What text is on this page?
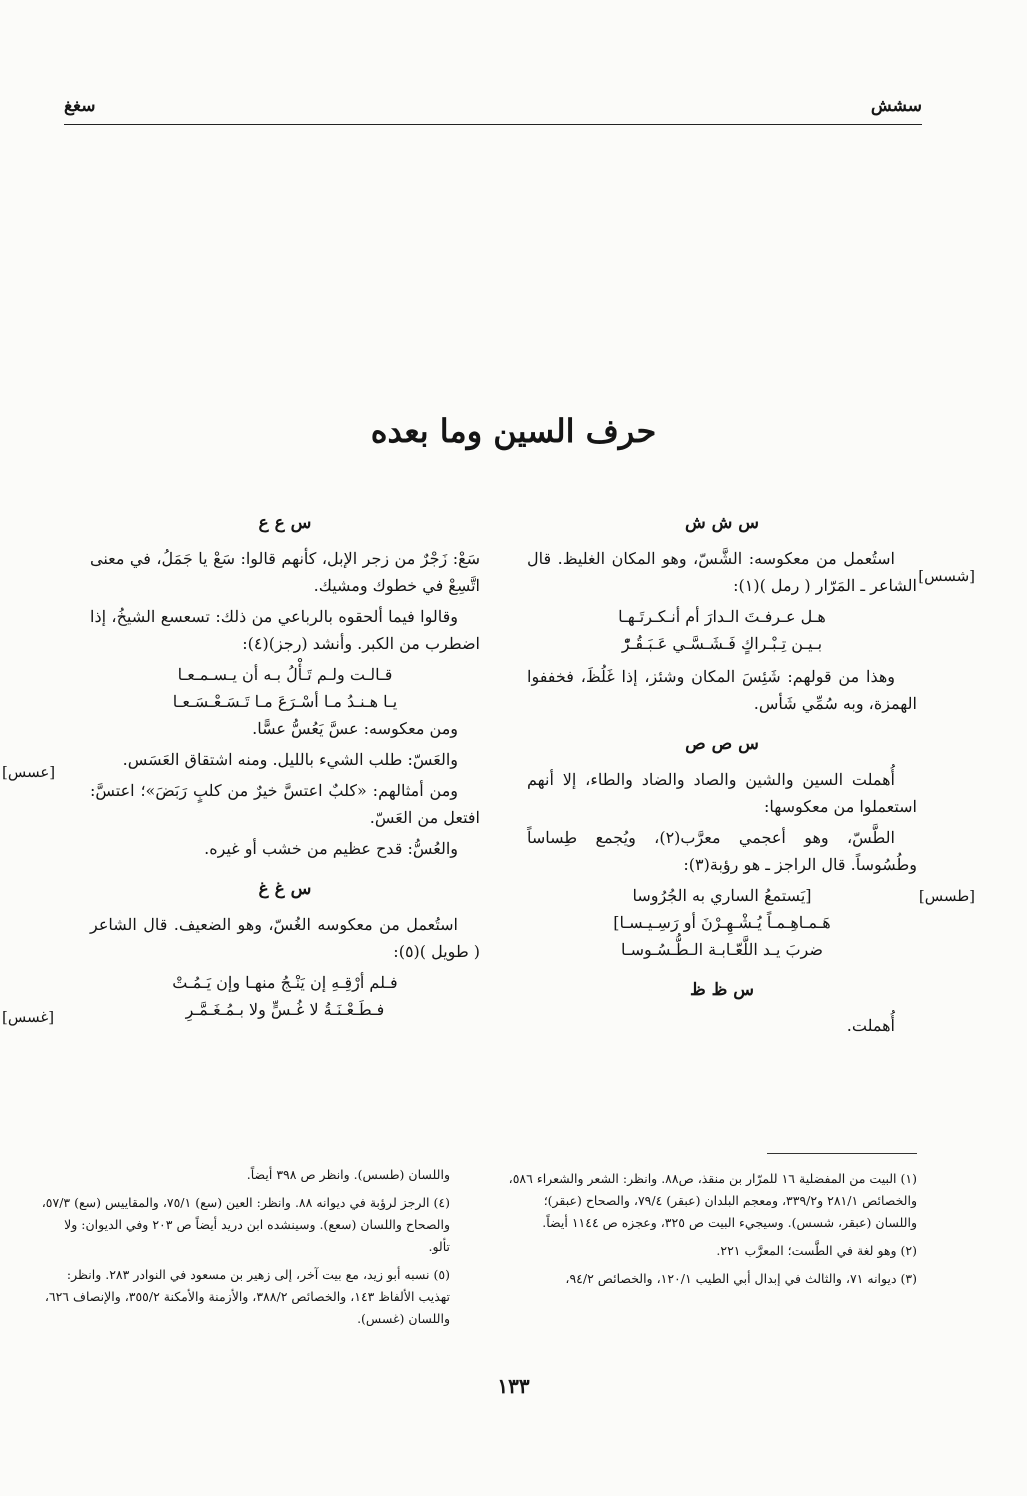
سشش
سغغ
حرف السين وما بعده
س ش ش

استُعمل من معكوسه: الشَّسّ، وهو المكان الغليظ. قال الشاعر ـ المَرّار ( رمل )(١):

هـل عـرفـتَ الـدارَ أم أنـكـرتَـهـا

بـيـن تِـبْـراكٍ فَـشَـسَّـي عَـبَـقُـرّْ

وهذا من قولهم: شَئِسَ المكان وشئز، إذا غَلُظَ، فخففوا الهمزة، وبه سُمِّي شَأس.

س ص ص

أُهملت السين والشين والصاد والضاد والطاء، إلا أنهم استعملوا من معكوسها:

الطَّسّ، وهو أعجمي معرَّب(٢)، ويُجمع طِساساً وطُسُوساً. قال الراجز ـ هو رؤبة(٣):

[يَستمعُ الساري به الجُرُوسا

هَـمـاهِـمـاً يُـشْـهِـرْنَ أو رَسِـيـسـا]

ضربَ يـد اللَّعّـابـة الـطُّـسُـوسـا

س ظ ظ

أُهملت.

س ع ع

سَعْ: زَجْرٌ من زجر الإبل، كأنهم قالوا: سَعْ يا جَمَلُ، في معنى اتَّسِعْ في خطوك ومشيك.

وقالوا فيما ألحقوه بالرباعي من ذلك: تسعسع الشيخُ، إذا اضطرب من الكبر. وأنشد (رجز)(٤):

قـالـت ولـم تَـأْلُ بـه أن يـسـمـعـا

يـا هـنـدُ مـا أسْـرَعَ مـا تَـسَـعْـسَـعـا

ومن معكوسه: عسَّ يَعُسُّ عسًّا.

والعَسّ: طلب الشيء بالليل. ومنه اشتقاق العَسَس.

ومن أمثالهم: «كلبٌ اعتسَّ خيرٌ من كلبٍ رَبَضَ»؛ اعتسَّ: افتعل من العَسّ.

والعُسُّ: قدح عظيم من خشب أو غيره.

س غ غ

استُعمل من معكوسه الغُسّ، وهو الضعيف. قال الشاعر ( طويل )(٥):

فـلم أرْقِـهِ إن يَنْـجُ منهـا وإن يَـمُـتْ

فـطَـعْـنَـةُ لا غُـسٍّ ولا بـمُـغَـمَّـرِ

[شسس]
[طسس]
[عسس]
[غسس]

(١) البيت من المفضلية ١٦ للمرّار بن منقذ، ص٨٨. وانظر: الشعر والشعراء ٥٨٦، والخصائص ٢٨١/١ و٣٣٩/٢، ومعجم البلدان (عبقر) ٧٩/٤، والصحاح (عبقر)؛ واللسان (عبقر، شسس). وسيجيء البيت ص ٣٢٥، وعجزه ص ١١٤٤ أيضاً.

(٢) وهو لغة في الطَّست؛ المعرَّب ٢٢١.

(٣) ديوانه ٧١، والثالث في إبدال أبي الطيب ١٢٠/١، والخصائص ٩٤/٢،

واللسان (طسس). وانظر ص ٣٩٨ أيضاً.

(٤) الرجز لرؤبة في ديوانه ٨٨. وانظر: العين (سع) ٧٥/١، والمقاييس (سع) ٥٧/٣، والصحاح واللسان (سعع). وسينشده ابن دريد أيضاً ص ٢٠٣ وفي الديوان: ولا تألو.

(٥) نسبه أبو زيد، مع بيت آخر، إلى زهير بن مسعود في النوادر ٢٨٣. وانظر: تهذيب الألفاظ ١٤٣، والخصائص ٣٨٨/٢، والأزمنة والأمكنة ٣٥٥/٢، والإنصاف ٦٢٦، واللسان (غسس).

١٣٣
